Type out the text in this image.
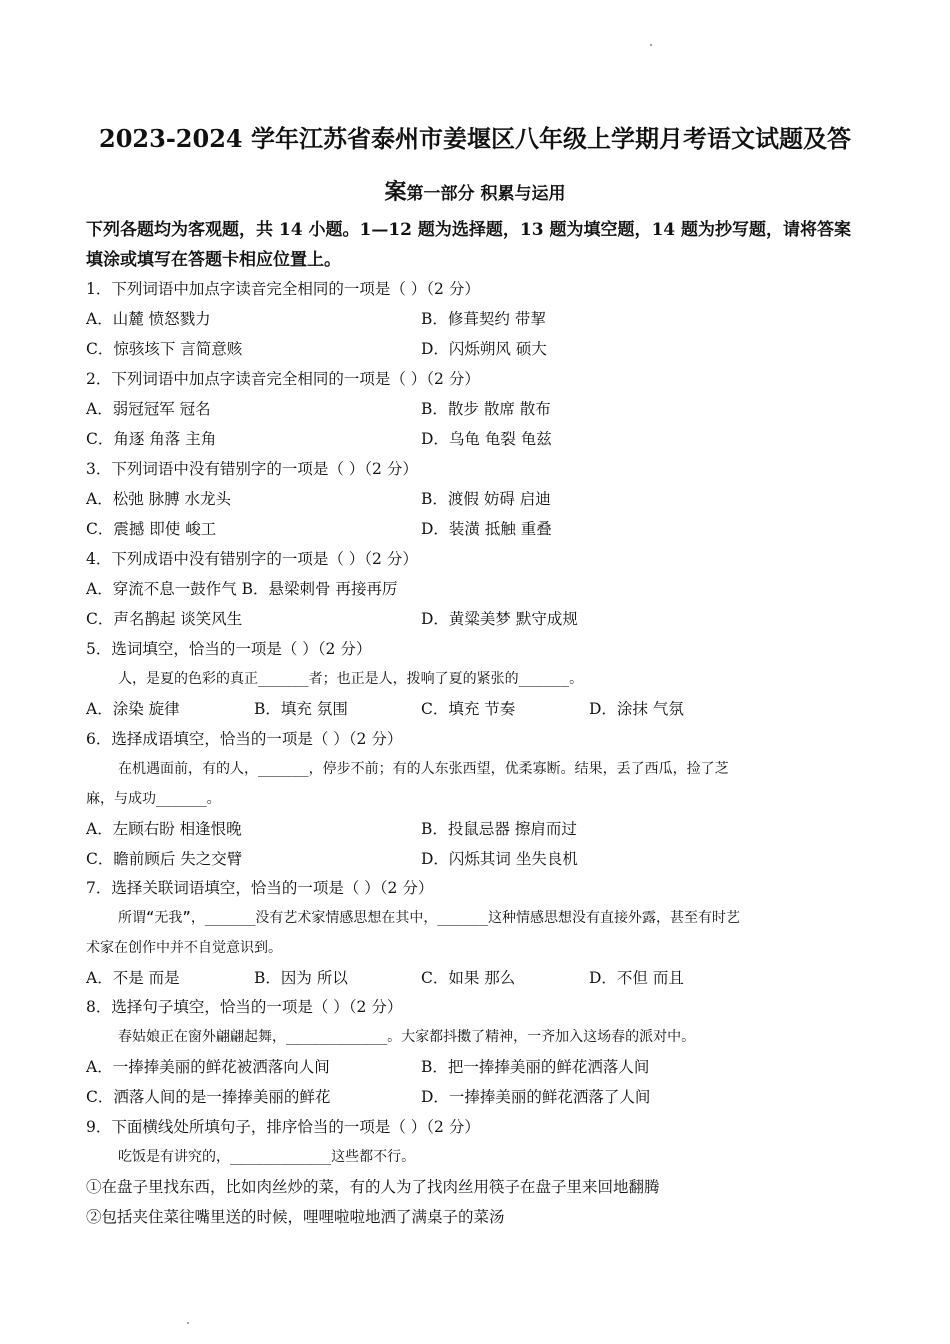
2023-2024 学年江苏省泰州市姜堰区八年级上学期月考语文试题及答
案第一部分 积累与运用
下列各题均为客观题，共 14 小题。1—12 题为选择题，13 题为填空题，14 题为抄写题，请将答案填涂或填写在答题卡相应位置上。
1．下列词语中加点字读音完全相同的一项是（ ）（2 分）
A．山麓 愤怒戮力	B．修葺契约 带挈
C．惊骇垓下 言简意赅	D．闪烁朔风 硕大
2．下列词语中加点字读音完全相同的一项是（ ）（2 分）
A．弱冠冠军 冠名	B．散步 散席 散布
C．角逐 角落 主角	D．乌龟 龟裂 龟兹
3．下列词语中没有错别字的一项是（ ）（2 分）
A．松弛 脉膊 水龙头	B．渡假 妨碍 启迪
C．震撼 即使 峻工	D．装潢 抵触 重叠
4．下列成语中没有错别字的一项是（ ）（2 分）
A．穿流不息一鼓作气 B．悬梁刺骨 再接再厉
C．声名鹊起 谈笑风生	D．黄粱美梦 默守成规
5．选词填空，恰当的一项是（ ）（2 分）
人，是夏的色彩的真正______者；也正是人，拨响了夏的紧张的______。
A．涂染 旋律	B．填充 氛围	C．填充 节奏	D．涂抹 气氛
6．选择成语填空，恰当的一项是（ ）（2 分）
在机遇面前，有的人，______，停步不前；有的人东张西望，优柔寡断。结果，丢了西瓜，捡了芝
麻，与成功______。
A．左顾右盼 相逢恨晚	B．投鼠忌器 擦肩而过
C．瞻前顾后 失之交臂	D．闪烁其词 坐失良机
7．选择关联词语填空，恰当的一项是（ ）（2 分）
所谓“无我”，______没有艺术家情感思想在其中，______这种情感思想没有直接外露，甚至有时艺
术家在创作中并不自觉意识到。
A．不是 而是	B．因为 所以	C．如果 那么	D．不但 而且
8．选择句子填空，恰当的一项是（ ）（2 分）
春姑娘正在窗外翩翩起舞，____________。大家都抖擞了精神，一齐加入这场春的派对中。
A．一捧捧美丽的鲜花被洒落向人间	B．把一捧捧美丽的鲜花洒落人间
C．洒落人间的是一捧捧美丽的鲜花	D．一捧捧美丽的鲜花洒落了人间
9．下面横线处所填句子，排序恰当的一项是（ ）（2 分）
吃饭是有讲究的，____________这些都不行。
①在盘子里找东西，比如肉丝炒的菜，有的人为了找肉丝用筷子在盘子里来回地翻腾
②包括夹住菜往嘴里送的时候，哩哩啦啦地洒了满桌子的菜汤
